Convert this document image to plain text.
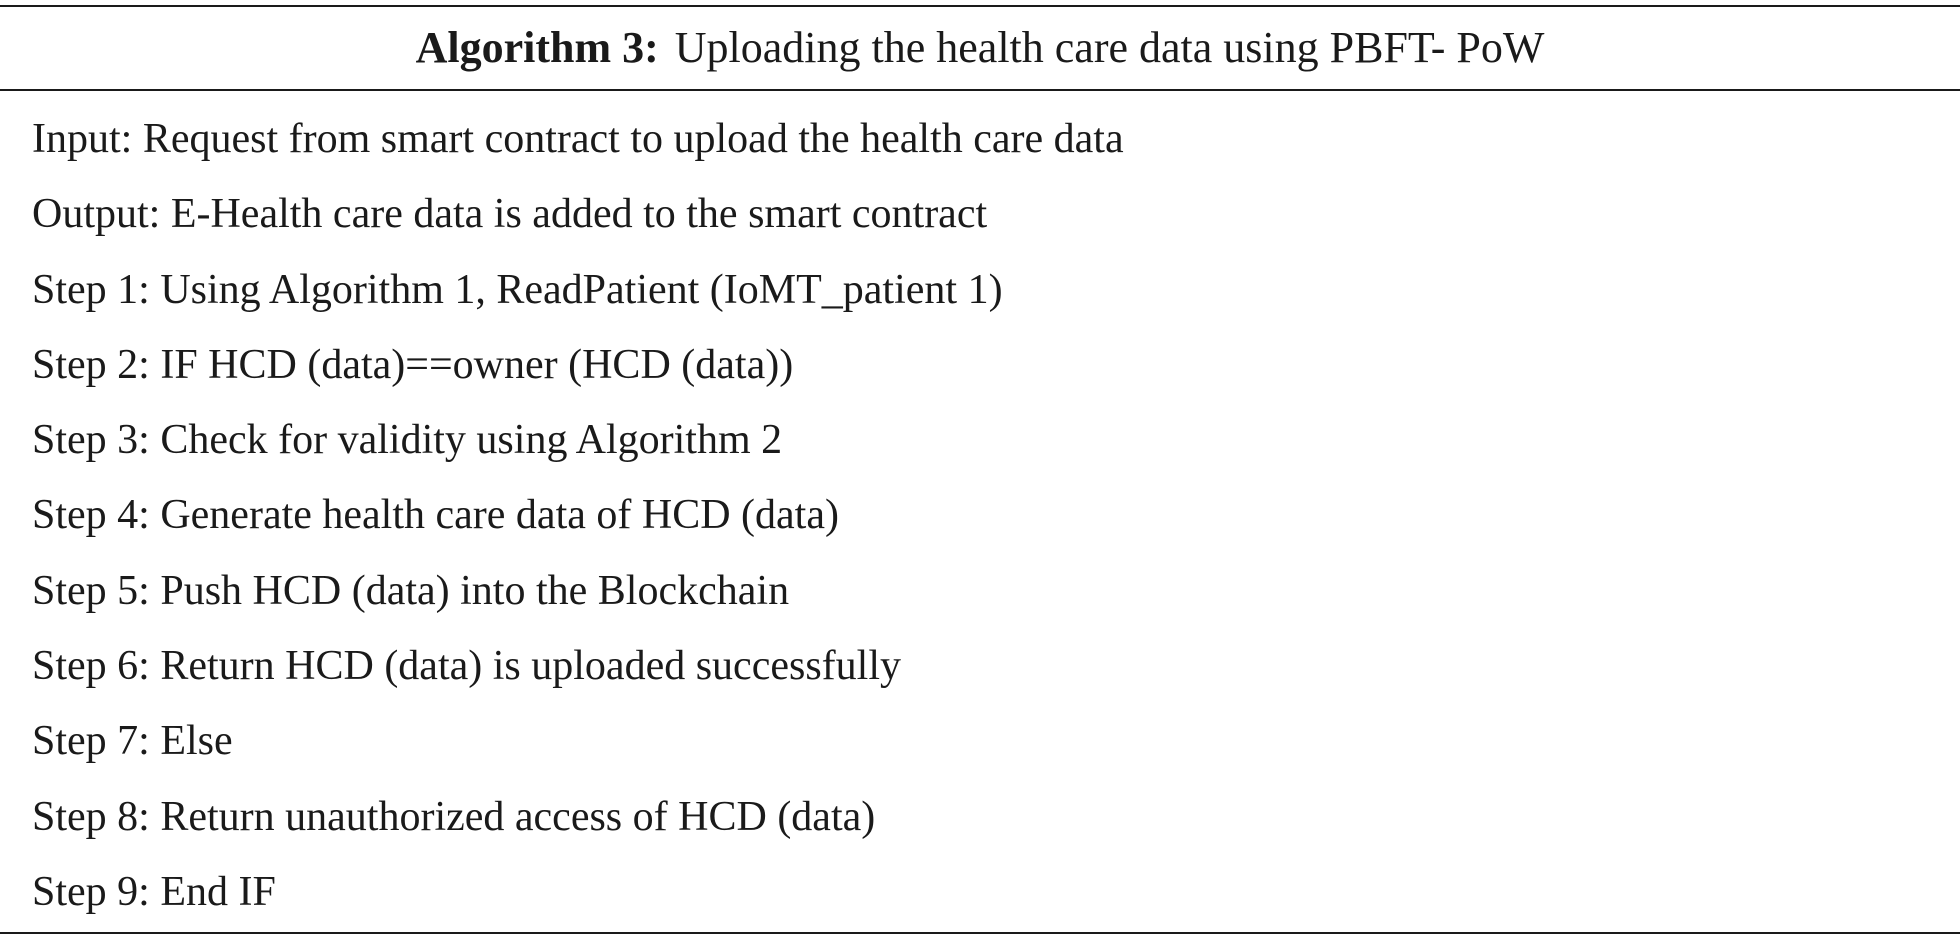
Algorithm 3: Uploading the health care data using PBFT- PoW
Input: Request from smart contract to upload the health care data
Output: E-Health care data is added to the smart contract
Step 1: Using Algorithm 1, ReadPatient (IoMT_patient 1)
Step 2: IF HCD (data)==owner (HCD (data))
Step 3: Check for validity using Algorithm 2
Step 4: Generate health care data of HCD (data)
Step 5: Push HCD (data) into the Blockchain
Step 6: Return HCD (data) is uploaded successfully
Step 7: Else
Step 8: Return unauthorized access of HCD (data)
Step 9: End IF
